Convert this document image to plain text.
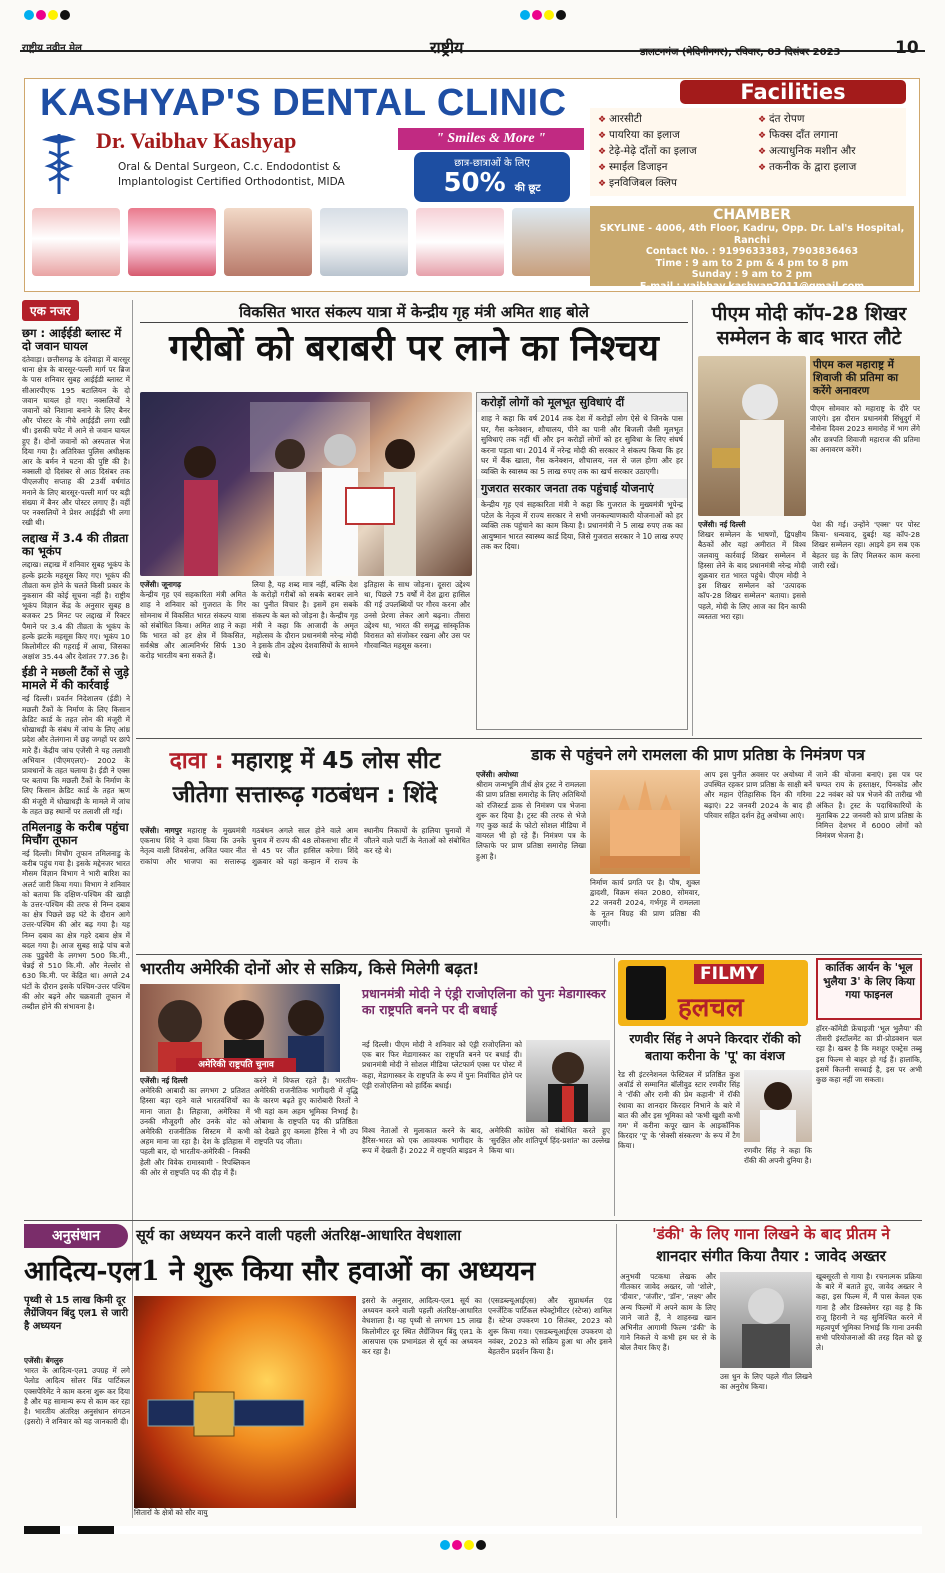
राष्ट्रीय नवीन मेल	राष्ट्रीय	डालटनगंज (मेदिनीनगर), रविवार, 03 दिसंबर 2023	10
KASHYAP'S DENTAL CLINIC
Dr. Vaibhav Kashyap
Oral & Dental Surgeon, C.c. Endodontist &
Implantologist Certified Orthodontist, MIDA
" Smiles & More "
छात्र-छात्राओं के लिए
50% की छूट
Facilities
❖ आरसीटी
❖ पायरिया का इलाज
❖ टेढ़े-मेढ़े दाँतों का इलाज
❖ स्माईल डिजाइन
❖ इनविजिबल क्लिप
❖ दंत रोपण
❖ फिक्स दाँत लगाना
❖ अत्याधुनिक मशीन और
❖ तकनीक के द्वारा इलाज
CHAMBER
SKYLINE - 4006, 4th Floor, Kadru, Opp. Dr. Lal's Hospital, Ranchi
Contact No. : 9199633383, 7903836463
Time : 9 am to 2 pm & 4 pm to 8 pm
Sunday : 9 am to 2 pm
E-mail : vaibhav.kashyap2011@gmail.com
एक नजर
छग : आईईडी ब्लास्ट में दो जवान घायल
दंतेवाड़ा। छत्तीसगढ़ के दंतेवाड़ा में बारसूर थाना क्षेत्र के बारसूर-पल्ली मार्ग पर ब्रिज के पास शनिवार सुबह आईईडी ब्लास्ट में सीआरपीएफ 195 बटालियन के दो जवान घायल हो गए। नक्सलियों ने जवानों को निशाना बनाने के लिए बैनर और पोस्टर के नीचे आईईडी लगा रखी थी। इसकी चपेट में आने से जवान घायल हुए हैं। दोनों जवानों को अस्पताल भेज दिया गया है। अतिरिक्त पुलिस अधीक्षक आर के बर्मन ने घटना की पुष्टि की है। नक्सली दो दिसंबर से आठ दिसंबर तक पीएलजीए सप्ताह की 23वीं वर्षगांठ मनाने के लिए बारसूर-पल्ली मार्ग पर बड़ी संख्या में बैनर और पोस्टर लगाए हैं। वहीं पर नक्सलियों ने प्रेशर आईईडी भी लगा रखी थी।
लद्दाख में 3.4 की तीव्रता का भूकंप
लद्दाख। लद्दाख में शनिवार सुबह भूकंप के हल्के झटके महसूस किए गए। भूकंप की तीव्रता कम होने के चलते किसी प्रकार के नुकसान की कोई सूचना नहीं है। राष्ट्रीय भूकंप विज्ञान केंद्र के अनुसार सुबह 8 बजकर 25 मिनट पर लद्दाख में रिक्टर पैमाने पर 3.4 की तीव्रता के भूकंप के हल्के झटके महसूस किए गए। भूकंप 10 किलोमीटर की गहराई में आया, जिसका अक्षांश 35.44 और देशांतर 77.36 है।
ईडी ने मछली टैंकों से जुड़े मामले में की कार्रवाई
नई दिल्ली। प्रवर्तन निदेशालय (ईडी) ने मछली टैंकों के निर्माण के लिए किसान क्रेडिट कार्ड के तहत लोन की मंजूरी में धोखाधड़ी के संबंध में जांच के लिए आंध्र प्रदेश और तेलंगाना में छह जगहों पर छापे मारे हैं। केंद्रीय जांच एजेंसी ने यह तलाशी अभियान (पीएमएलए)- 2002 के प्रावधानों के तहत चलाया है। ईडी ने एक्स पर बताया कि मछली टैंकों के निर्माण के लिए किसान क्रेडिट कार्ड के तहत ऋण की मंजूरी में धोखाधड़ी के मामले में जांच के तहत छह स्थानों पर तलाशी ली गई।
तमिलनाडु के करीब पहुंचा मिचौंग तूफान
नई दिल्ली। मिचौंग तूफान तमिलनाडु के करीब पहुंच गया है। इसके मद्देनजर भारत मौसम विज्ञान विभाग ने भारी बारिश का अलर्ट जारी किया गया। विभाग ने शनिवार को बताया कि दक्षिण-पश्चिम की खाड़ी के उत्तर-पश्चिम की तरफ से निम्न दबाव का क्षेत्र पिछले छह घंटे के दौरान आगे उत्तर-पश्चिम की ओर बढ़ गया है। यह निम्न दबाव का क्षेत्र गहरे दबाव क्षेत्र में बदल गया है। आज सुबह साढ़े पांच बजे तक पुडुचेरी के लगभग 500 कि.मी., चेन्नई से 510 कि.मी. और नेल्लोर से 630 कि.मी. पर केंद्रित था। अगले 24 घंटों के दौरान इसके पश्चिम-उत्तर पश्चिम की ओर बढ़ने और चक्रवाती तूफान में तब्दील होने की संभावना है।
विकसित भारत संकल्प यात्रा में केन्द्रीय गृह मंत्री अमित शाह बोले
गरीबों को बराबरी पर लाने का निश्चय
करोड़ों लोगों को मूलभूत सुविधाएं दीं
शाह ने कहा कि वर्ष 2014 तक देश में करोड़ों लोग ऐसे थे जिनके पास घर, गैस कनेक्शन, शौचालय, पीने का पानी और बिजली जैसी मूलभूत सुविधाएं तक नहीं थीं और इन करोड़ों लोगों को हर सुविधा के लिए संघर्ष करना पड़ता था। 2014 में नरेन्द्र मोदी की सरकार ने संकल्प किया कि हर घर में बैंक खाता, गैस कनेक्शन, शौचालय, नल से जल होगा और हर व्यक्ति के स्वास्थ्य का 5 लाख रुपए तक का खर्च सरकार उठाएगी।
गुजरात सरकार जनता तक पहुंचाई योजनाएं
केन्द्रीय गृह एवं सहकारिता मंत्री ने कहा कि गुजरात के मुख्यमंत्री भूपेन्द्र पटेल के नेतृत्व में राज्य सरकार ने सभी जनकल्याणकारी योजनाओं को हर व्यक्ति तक पहुंचाने का काम किया है। प्रधानमंत्री ने 5 लाख रुपए तक का आयुष्मान भारत स्वास्थ्य कार्ड दिया, जिसे गुजरात सरकार ने 10 लाख रुपए तक कर दिया।
एजेंसी। जूनागढ़
केन्द्रीय गृह एवं सहकारिता मंत्री अमित शाह ने शनिवार को गुजरात के गिर सोमनाथ में विकसित भारत संकल्प यात्रा को संबोधित किया। अमित शाह ने कहा कि भारत को हर क्षेत्र में विकसित, सर्वश्रेष्ठ और आत्मनिर्भर सिर्फ 130 करोड़ भारतीय बना सकते हैं।
लिया है, यह शब्द मात्र नहीं, बल्कि देश के करोड़ों गरीबों को सबके बराबर लाने का पुनीत विचार है। इसमें हम सबके संकल्प के बल को जोड़ना है। केन्द्रीय गृह मंत्री ने कहा कि आजादी के अमृत महोत्सव के दौरान प्रधानमंत्री नरेन्द्र मोदी ने इसके तीन उद्देश्य देशवासियों के सामने रखे थे।
इतिहास के साथ जोड़ना। दूसरा उद्देश्य था, पिछले 75 वर्षों में देश द्वारा हासिल की गई उपलब्धियों पर गौरव करना और उनसे प्रेरणा लेकर आगे बढ़ना। तीसरा उद्देश्य था, भारत की समृद्ध सांस्कृतिक विरासत को संजोकर रखना और उस पर गौरवान्वित महसूस करना।
पीएम मोदी कॉप-28 शिखर सम्मेलन के बाद भारत लौटे
पीएम कल महाराष्ट्र में शिवाजी की प्रतिमा का करेंगे अनावरण
पीएम सोमवार को महाराष्ट्र के दौरे पर जाएंगे। इस दौरान प्रधानमंत्री सिंधुदुर्ग में नौसेना दिवस 2023 समारोह में भाग लेंगे और छत्रपति शिवाजी महाराज की प्रतिमा का अनावरण करेंगे।
एजेंसी। नई दिल्ली
शिखर सम्मेलन के भाषणों, द्विपक्षीय बैठकों और यहां अमीरात में विश्व जलवायु कार्रवाई शिखर सम्मेलन में हिस्सा लेने के बाद प्रधानमंत्री नरेन्द्र मोदी शुक्रवार रात भारत पहुंचे। पीएम मोदी ने इस शिखर सम्मेलन को 'उत्पादक कॉप-28 शिखर सम्मेलन' बताया। इससे पहले, मोदी के लिए आज का दिन काफी व्यस्तता भरा रहा।
पेश की गई। उन्होंने 'एक्स' पर पोस्ट किया- धन्यवाद, दुबई! यह कॉप-28 शिखर सम्मेलन रहा। आइये हम सब एक बेहतर ग्रह के लिए मिलकर काम करना जारी रखें।
दावा : महाराष्ट्र में 45 लोस सीट
जीतेगा सत्तारूढ़ गठबंधन : शिंदे
एजेंसी। नागपुर महाराष्ट्र के मुख्यमंत्री एकनाथ शिंदे ने दावा किया कि उनके नेतृत्व वाली शिवसेना, अजित पवार नीत राकांपा और भाजपा का सत्तारूढ़ गठबंधन अगले साल होने वाले आम चुनाव में राज्य की 48 लोकसभा सीट में से 45 पर जीत हासिल करेगा। शिंदे शुक्रवार को यहां कन्हान में राज्य के स्थानीय निकायों के हालिया चुनावों में जीतने वाले पार्टी के नेताओं को संबोधित कर रहे थे।
डाक से पहुंचने लगे रामलला की प्राण प्रतिष्ठा के निमंत्रण पत्र
एजेंसी। अयोध्या
श्रीराम जन्मभूमि तीर्थ क्षेत्र ट्रस्ट ने रामलला की प्राण प्रतिष्ठा समारोह के लिए अतिथियों को रजिस्टर्ड डाक से निमंत्रण पत्र भेजना शुरू कर दिया है। ट्रस्ट की तरफ से भेजे गए कुछ कार्ड के फोटो सोशल मीडिया में वायरल भी हो रहे हैं। निमंत्रण पत्र के लिफाफे पर प्राण प्रतिष्ठा समारोह लिखा हुआ है।
निर्माण कार्य प्रगति पर है। पौष, शुक्ल द्वादशी, विक्रम संवत 2080, सोमवार, 22 जनवरी 2024, गर्भगृह में रामलला के नूतन विग्रह की प्राण प्रतिष्ठा की जाएगी।
आप इस पुनीत अवसर पर अयोध्या में उपस्थित रहकर प्राण प्रतिष्ठा के साक्षी बनें और महान ऐतिहासिक दिन की गरिमा बढ़ाएं। 22 जनवरी 2024 के बाद ही परिवार सहित दर्शन हेतु अयोध्या आएं।
जाने की योजना बनाएं। इस पत्र पर चम्पत राय के हस्ताक्षर, पिनकोड और 22 नवंबर को पत्र भेजने की तारीख भी अंकित है। ट्रस्ट के पदाधिकारियों के मुताबिक 22 जनवरी को प्राण प्रतिष्ठा के निमित्त देशभर में 6000 लोगों को निमंत्रण भेजना है।
भारतीय अमेरिकी दोनों ओर से सक्रिय, किसे मिलेगी बढ़त!
अमेरिकी राष्ट्रपति चुनाव
एजेंसी। नई दिल्ली
अमेरिकी आबादी का लगभग 2 प्रतिशत हिस्सा बड़ा रहने वाले भारतवंशियों का माना जाता है। लिहाजा, अमेरिका में उनकी मौजूदगी और उनके वोट को अमेरिकी राजनीतिक सिस्टम में कभी अहम माना जा रहा है। देश के इतिहास में पहली बार, दो भारतीय-अमेरिकी - निक्की हेली और विवेक रामास्वामी - रिपब्लिकन की ओर से राष्ट्रपति पद की दौड़ में हैं।
करने में विफल रहते हैं। भारतीय-अमेरिकी राजनीतिक भागीदारी में वृद्धि के कारण बढ़ते हुए कारोबारी रिश्तों ने भी यहां कम अहम भूमिका निभाई है। ओबामा के राष्ट्रपति पद की प्रतिष्ठिता को देखते हुए कमला हैरिस ने भी उप राष्ट्रपति पद जीता।
प्रधानमंत्री मोदी ने एंड्री राजोएलिना को पुनः मेडागास्कर का राष्ट्रपति बनने पर दी बधाई
नई दिल्ली। पीएम मोदी ने शनिवार को एंड्री राजोएलिना को एक बार फिर मेडागास्कर का राष्ट्रपति बनने पर बधाई दी। प्रधानमंत्री मोदी ने सोशल मीडिया प्लेटफार्म एक्स पर पोस्ट में कहा, मेडागास्कर के राष्ट्रपति के रूप में पुनः निर्वाचित होने पर एंड्री राजोएलिना को हार्दिक बधाई।
विश्व नेताओं से मुलाकात करने के बाद, हैरिस-भारत को एक आवश्यक भागीदार के रूप में देखती हैं। 2022 में राष्ट्रपति बाइडन ने अमेरिकी कांग्रेस को संबोधित करते हुए 'सुरक्षित और शांतिपूर्ण हिंद-प्रशांत' का उल्लेख किया था।
FILMY
हलचल
रणवीर सिंह ने अपने किरदार रॉकी को बताया करीना के 'पू' का वंशज
रेड सी इंटरनेशनल फेस्टिवल में प्रतिष्ठित कुश अवॉर्ड से सम्मानित बॉलीवुड स्टार रणवीर सिंह ने 'रॉकी और रानी की प्रेम कहानी' में रॉकी रंधावा का शानदार किरदार निभाने के बारे में बात की और इस भूमिका को 'कभी खुशी कभी गम' में करीना कपूर खान के आइकॉनिक किरदार 'पू' के 'सेक्सी संस्करण' के रूप में टैग किया।
रणवीर सिंह ने कहा कि रॉकी की अपनी दुनिया है।
कार्तिक आर्यन के 'भूल भुलैया 3' के लिए किया गया फाइनल
हॉरर-कॉमेडी फ्रेंचाइजी 'भूल भुलैया' की तीसरी इंस्टॉलमेंट का प्री-प्रोडक्शन चल रहा है। खबर है कि मशहूर एक्ट्रेस तब्बू इस फिल्म से बाहर हो गई हैं। हालांकि, इसमें कितनी सच्चाई है, इस पर अभी कुछ कहा नहीं जा सकता।
अनुसंधान	सूर्य का अध्ययन करने वाली पहली अंतरिक्ष-आधारित वेधशाला
आदित्य-एल1 ने शुरू किया सौर हवाओं का अध्ययन
पृथ्वी से 15 लाख किमी दूर लैग्रेंजियन बिंदु एल1 से जारी है अध्ययन
एजेंसी। बेंगलुरु
भारत के आदित्य-एल1 उपग्रह में लगे पेलोड आदित्य सोलर विंड पार्टिकल एक्सपेरिमेंट ने काम करना शुरू कर दिया है और यह सामान्य रूप से काम कर रहा है। भारतीय अंतरिक्ष अनुसंधान संगठन (इसरो) ने शनिवार को यह जानकारी दी।
सितारों के क्षेत्रों को सौर वायु
इसरो के अनुसार, आदित्य-एल1 सूर्य का अध्ययन करने वाली पहली अंतरिक्ष-आधारित वेधशाला है। यह पृथ्वी से लगभग 15 लाख किलोमीटर दूर स्थित लैग्रेंजियन बिंदु एल1 के आसपास एक प्रभामंडल से सूर्य का अध्ययन कर रहा है।
(एसडब्ल्यूआईएस) और सुप्राथर्मल एंड एनर्जेटिक पार्टिकल स्पेक्ट्रोमीटर (स्टेप्स) शामिल हैं। स्टेप्स उपकरण 10 सितंबर, 2023 को शुरू किया गया। एसडब्ल्यूआईएस उपकरण दो नवंबर, 2023 को सक्रिय हुआ था और इसने बेहतरीन प्रदर्शन किया है।
'डंकी' के लिए गाना लिखने के बाद प्रीतम ने
शानदार संगीत किया तैयार : जावेद अख्तर
अनुभवी पटकथा लेखक और गीतकार जावेद अख्तर, जो 'शोले', 'दीवार', 'जंजीर', 'डॉन', 'लक्ष्य' और अन्य फिल्मों में अपने काम के लिए जाने जाते हैं, ने शाहरुख खान अभिनीत आगामी फिल्म 'डंकी' के गाने निकले ये कभी हम घर से के बोल तैयार किए हैं।
उस धुन के लिए पहले गीत लिखने का अनुरोध किया।
खूबसूरती से गाया है। रचनात्मक प्रक्रिया के बारे में बताते हुए, जावेद अख्तर ने कहा, इस फिल्म में, मैं पास केवल एक गाना है और डिस्क्लेमर रहा वह है कि राजू हिरानी ने यह सुनिश्चित करने में महत्वपूर्ण भूमिका निभाई कि गाना उनकी सभी परियोजनाओं की तरह दिल को छू ले।
